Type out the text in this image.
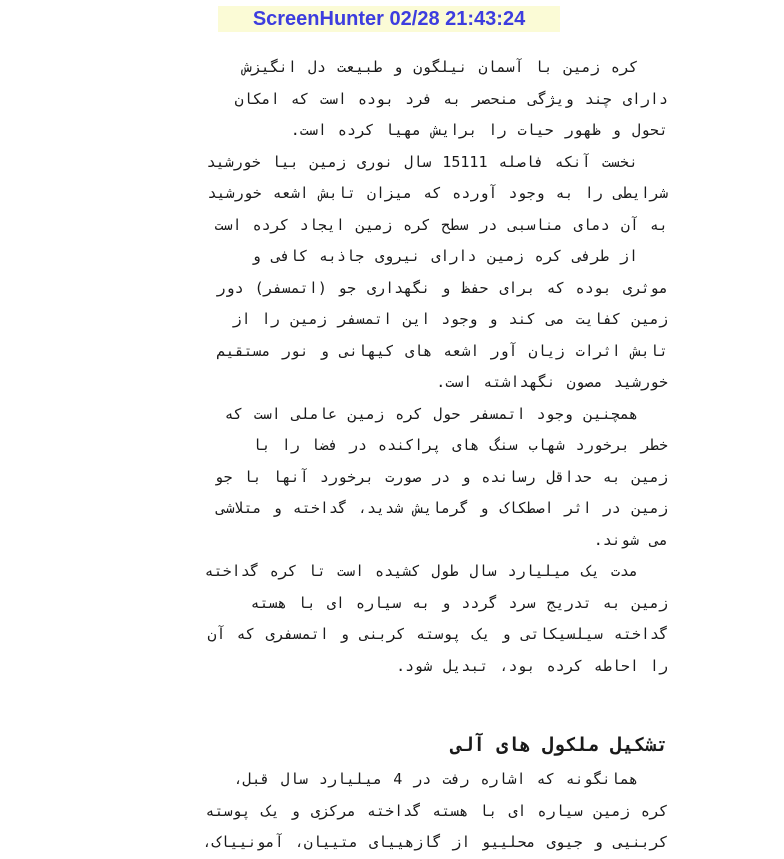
ScreenHunter 02/28 21:43:24
کره زمین با آسمان نیلگون و طبیعت دل انگیزش
دارای چند ویژگی منحصر به فرد بوده است که امکان
تحول و ظهور حیات را برایش مهیا کرده است.
نخست آنکه فاصله 15111 سال نوری زمین بیا خورشید
شرایطی را به وجود آورده که میزان تابش اشعه خورشید
به آن دمای مناسبی در سطح کره زمین ایجاد کرده است
از طرفی کره زمین دارای نیروی جاذبه کافی و
موثری بوده که برای حفظ و نگهداری جو (اتمسفر) دور
زمین کفایت می کند و وجود این اتمسفر زمین را از
تابش اثرات زیان آور اشعه های کیهانی و نور مستقیم
خورشید مصون نگهداشته است.
همچنین وجود اتمسفر حول کره زمین عاملی است که
خطر برخورد شهاب سنگ های پراکنده در فضا را با
زمین به حداقل رسانده و در صورت برخورد آنها با جو
زمین در اثر اصطکاک و گرمایش شدید، گداخته و متلاشی
می شوند.
مدت یک میلیارد سال طول کشیده است تا کره گداخته
زمین به تدریج سرد گردد و به سیاره ای با هسته
گداخته سیلسیکاتی و یک پوسته کربنی و اتمسفری که آن
را احاطه کرده بود، تبدیل شود.
تشکیل ملکول های آلی
همانگونه که اشاره رفت در 4 میلیارد سال قبل،
کره زمین سیاره ای با هسته گداخته مرکزی و یک پوسته
کربنیی و جیوی محلییو از گازهییای متییان، آمونییاک،
